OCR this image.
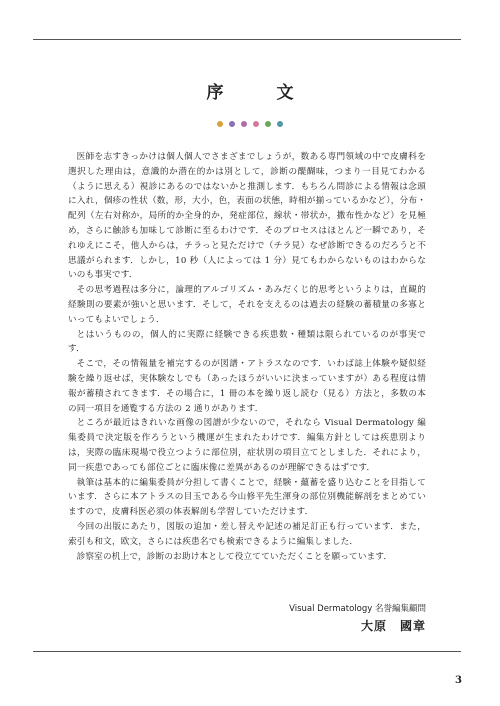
序　文

医師を志すきっかけは個人個人でさまざまでしょうが，数ある専門領域の中で皮膚科を選択した理由は，意識的か潜在的かは別として，診断の醍醐味，つまり一目見てわかる（ように思える）視診にあるのではないかと推測します．もちろん問診による情報は念頭に入れ，個疹の性状（数，形，大小，色，表面の状態，時相が揃っているかなど），分布・配列（左右対称か，局所的か全身的か，発症部位，線状・帯状か，撒布性かなど）を見極め，さらに触診も加味して診断に至るわけです．そのプロセスはほとんど一瞬であり，それゆえにこそ，他人からは，チラっと見ただけで（チラ見）なぜ診断できるのだろうと不思議がられます．しかし，10 秒（人によっては 1 分）見てもわからないものはわからないのも事実です．

その思考過程は多分に，論理的アルゴリズム・あみだくじ的思考というよりは，直観的経験則の要素が強いと思います．そして，それを支えるのは過去の経験の蓄積量の多寡といってもよいでしょう．

とはいうものの，個人的に実際に経験できる疾患数・種類は限られているのが事実です．

そこで，その情報量を補完するのが図譜・アトラスなのです．いわば誌上体験や疑似経験を繰り返せば，実体験なしでも（あったほうがいいに決まっていますが）ある程度は情報が蓄積されてきます．その場合に，1 冊の本を繰り返し読む（見る）方法と，多数の本の同一項目を通覧する方法の 2 通りがあります．

ところが最近はきれいな画像の図譜が少ないので，それなら Visual Dermatology 編集委員で決定版を作ろうという機運が生まれたわけです．編集方針としては疾患別よりは，実際の臨床現場で役立つように部位別，症状別の項目立てとしました．それにより，同一疾患であっても部位ごとに臨床像に差異があるのが理解できるはずです．

執筆は基本的に編集委員が分担して書くことで，経験・蘊蓄を盛り込むことを目指しています．さらに本アトラスの目玉である今山修平先生渾身の部位別機能解剖をまとめていますので，皮膚科医必須の体表解剖も学習していただけます．

今回の出版にあたり，図版の追加・差し替えや記述の補足訂正も行っています．また，索引も和文，欧文，さらには疾患名でも検索できるように編集しました．

診察室の机上で，診断のお助け本として役立てていただくことを願っています．

Visual Dermatology 名誉編集顧問
大原　國章
3
